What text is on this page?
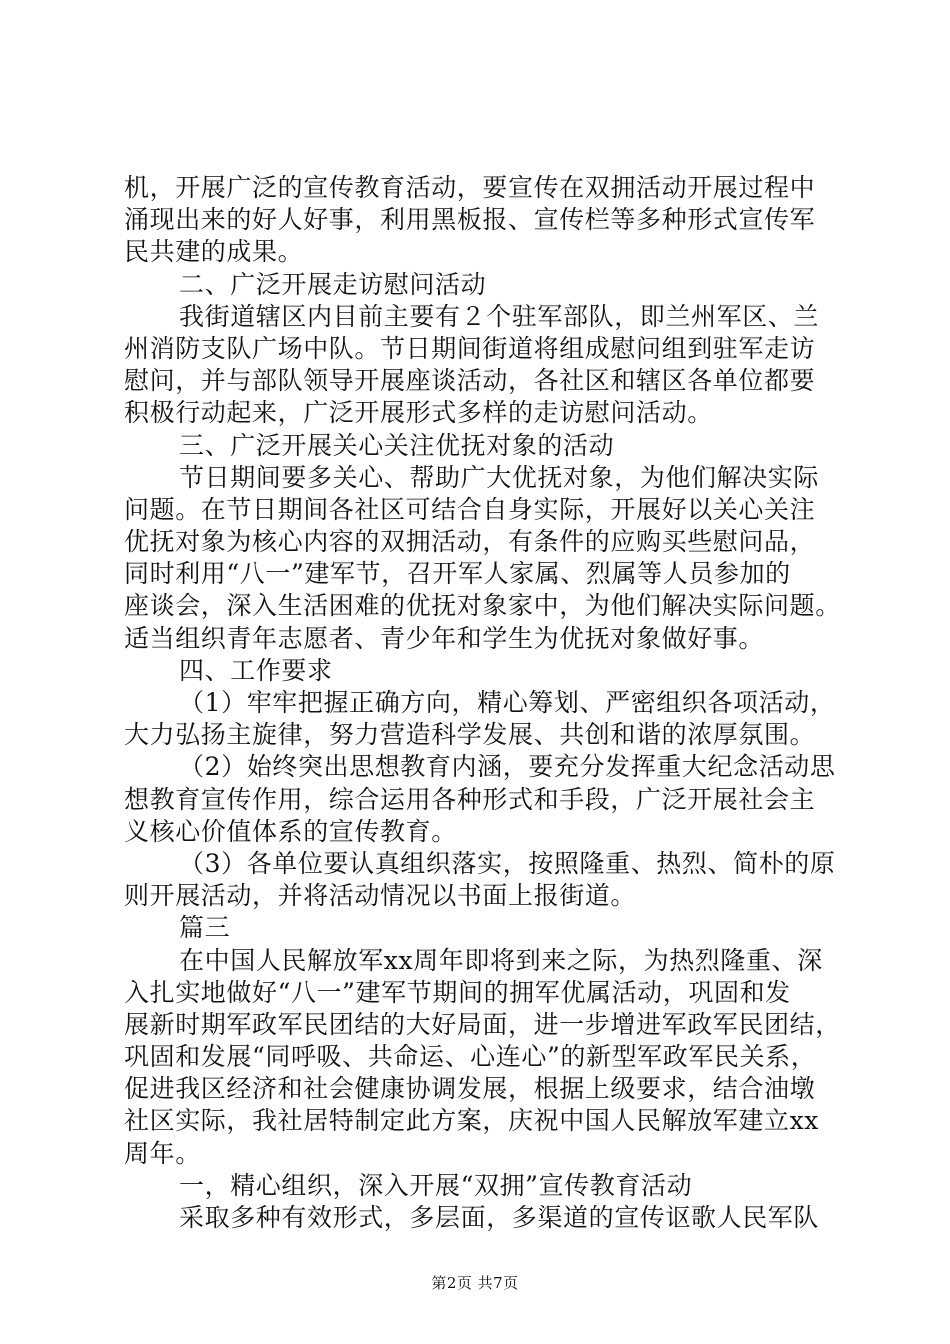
机，开展广泛的宣传教育活动，要宣传在双拥活动开展过程中
涌现出来的好人好事，利用黑板报、宣传栏等多种形式宣传军
民共建的成果。
二、广泛开展走访慰问活动
我街道辖区内目前主要有２个驻军部队，即兰州军区、兰
州消防支队广场中队。节日期间街道将组成慰问组到驻军走访
慰问，并与部队领导开展座谈活动，各社区和辖区各单位都要
积极行动起来，广泛开展形式多样的走访慰问活动。
三、广泛开展关心关注优抚对象的活动
节日期间要多关心、帮助广大优抚对象，为他们解决实际
问题。在节日期间各社区可结合自身实际，开展好以关心关注
优抚对象为核心内容的双拥活动，有条件的应购买些慰问品，
同时利用“八一”建军节，召开军人家属、烈属等人员参加的
座谈会，深入生活困难的优抚对象家中，为他们解决实际问题。
适当组织青年志愿者、青少年和学生为优抚对象做好事。
四、工作要求
（1）牢牢把握正确方向，精心筹划、严密组织各项活动，
大力弘扬主旋律，努力营造科学发展、共创和谐的浓厚氛围。
（2）始终突出思想教育内涵，要充分发挥重大纪念活动思
想教育宣传作用，综合运用各种形式和手段，广泛开展社会主
义核心价值体系的宣传教育。
（3）各单位要认真组织落实，按照隆重、热烈、简朴的原
则开展活动，并将活动情况以书面上报街道。
篇三
在中国人民解放军xx周年即将到来之际，为热烈隆重、深
入扎实地做好“八一”建军节期间的拥军优属活动，巩固和发
展新时期军政军民团结的大好局面，进一步增进军政军民团结，
巩固和发展“同呼吸、共命运、心连心”的新型军政军民关系，
促进我区经济和社会健康协调发展，根据上级要求，结合油墩
社区实际，我社居特制定此方案，庆祝中国人民解放军建立xx
周年。
一，精心组织，深入开展“双拥”宣传教育活动
采取多种有效形式，多层面，多渠道的宣传讴歌人民军队
第2页 共7页
